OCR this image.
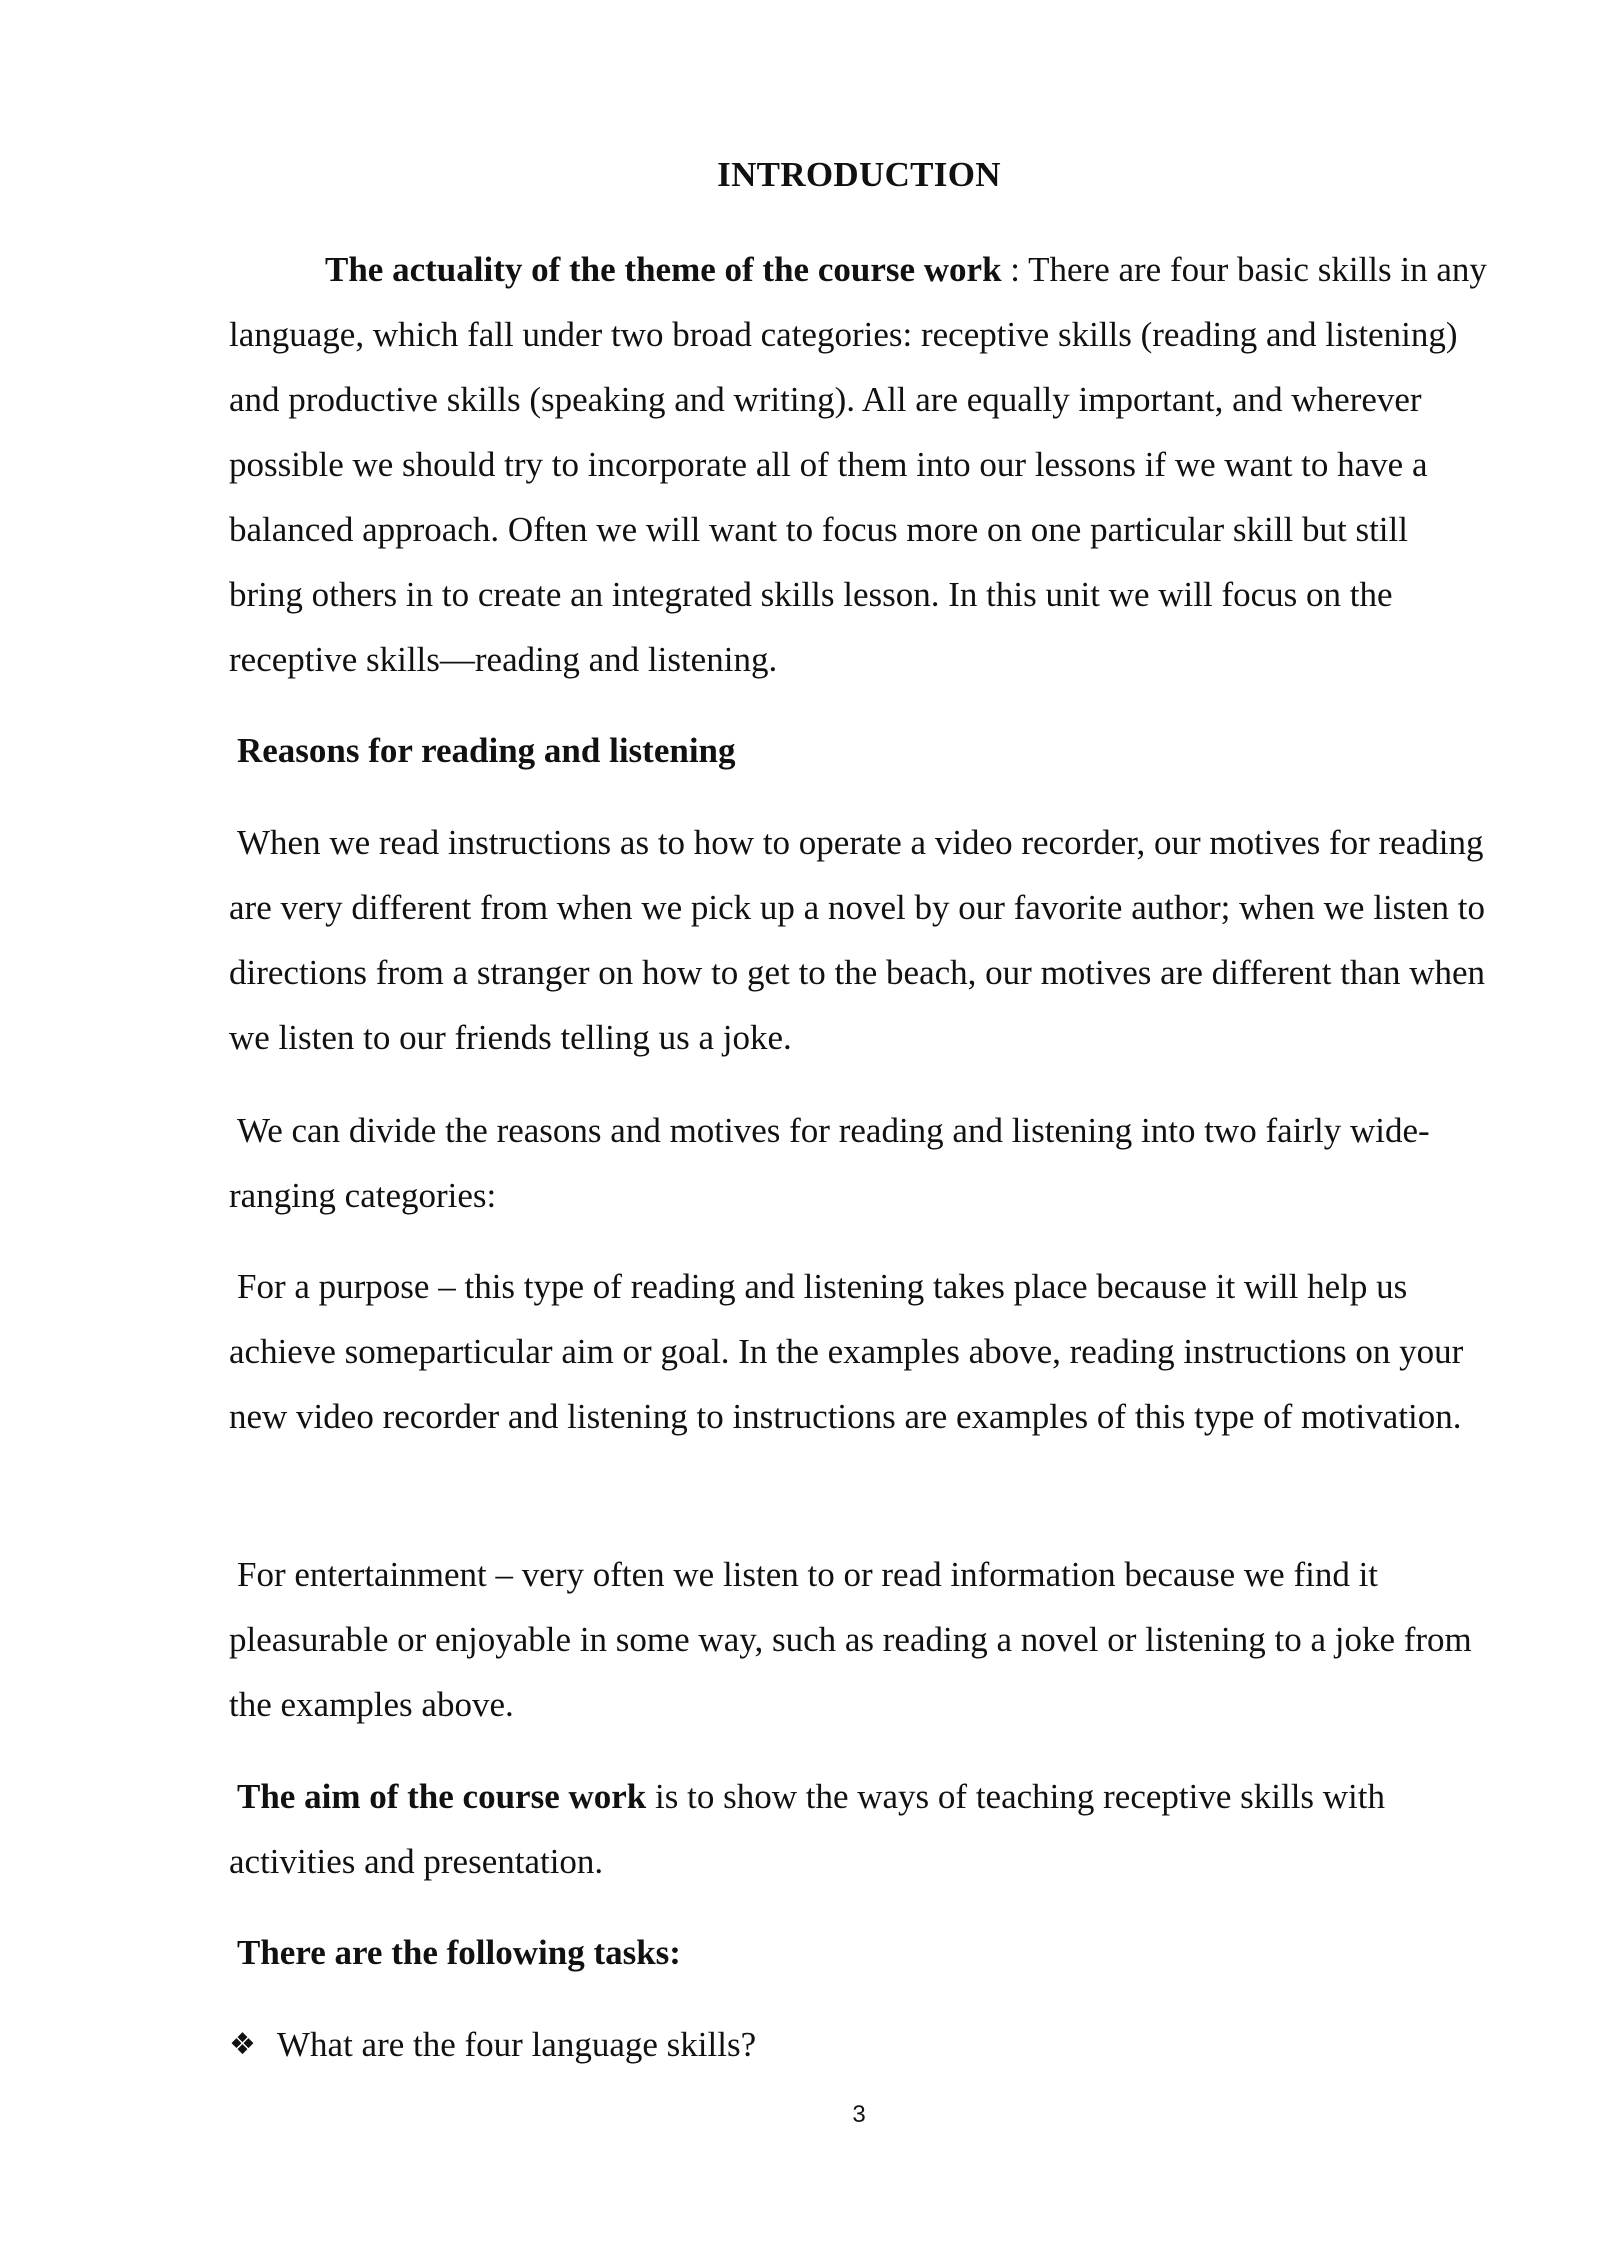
INTRODUCTION

The actuality of the theme of the course work : There are four basic skills in any language, which fall under two broad categories: receptive skills (reading and listening) and productive skills (speaking and writing). All are equally important, and wherever possible we should try to incorporate all of them into our lessons if we want to have a balanced approach. Often we will want to focus more on one particular skill but still bring others in to create an integrated skills lesson. In this unit we will focus on the receptive skills—reading and listening.

Reasons for reading and listening

When we read instructions as to how to operate a video recorder, our motives for reading are very different from when we pick up a novel by our favorite author; when we listen to directions from a stranger on how to get to the beach, our motives are different than when we listen to our friends telling us a joke.

We can divide the reasons and motives for reading and listening into two fairly wide-ranging categories:

For a purpose – this type of reading and listening takes place because it will help us achieve someparticular aim or goal. In the examples above, reading instructions on your new video recorder and listening to instructions are examples of this type of motivation.

For entertainment – very often we listen to or read information because we find it pleasurable or enjoyable in some way, such as reading a novel or listening to a joke from the examples above.

The aim of the course work is to show the ways of teaching receptive skills with activities and presentation.

There are the following tasks:

❖ What are the four language skills?
3
